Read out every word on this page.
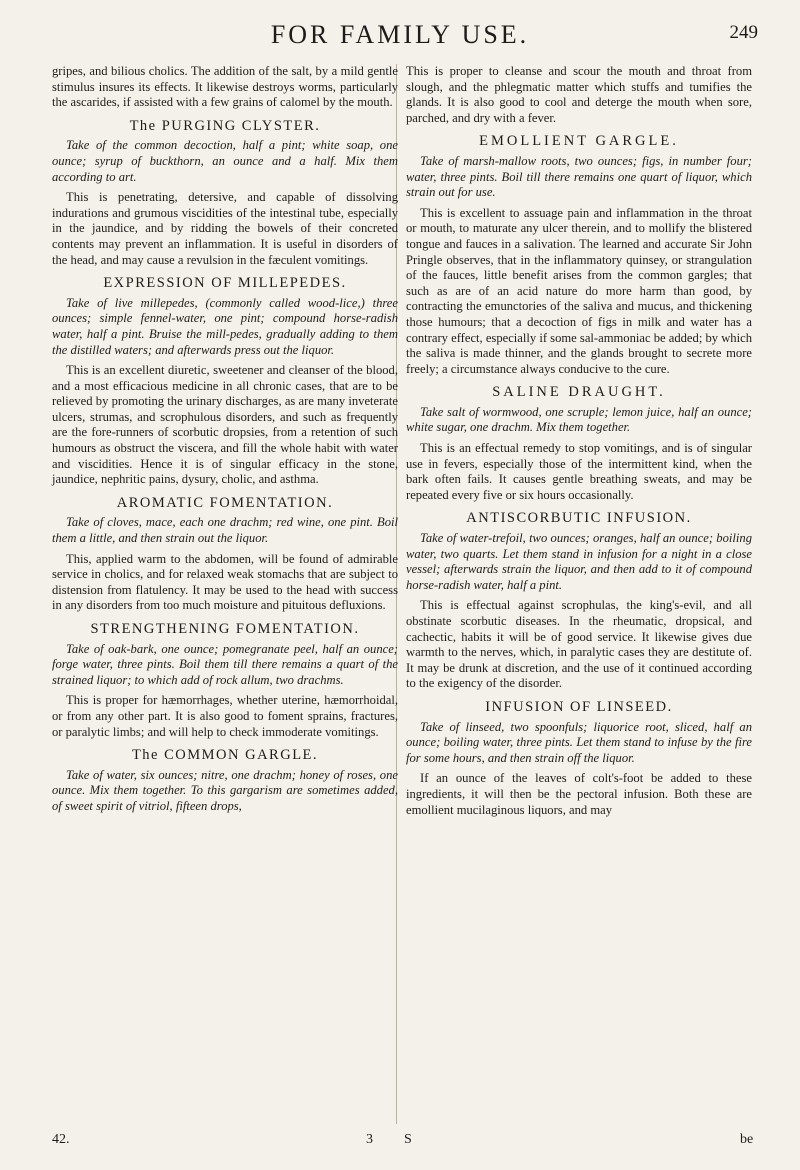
FOR FAMILY USE.	249

gripes, and bilious cholics. The addition of the salt, by a mild gentle stimulus insures its effects. It likewise destroys worms, particularly the ascarides, if assisted with a few grains of calomel by the mouth.

The PURGING CLYSTER.

Take of the common decoction, half a pint; white soap, one ounce; syrup of buckthorn, an ounce and a half. Mix them according to art.

This is penetrating, detersive, and capable of dissolving indurations and grumous viscidities of the intestinal tube, especially in the jaundice, and by ridding the bowels of their concreted contents may prevent an inflammation. It is useful in disorders of the head, and may cause a revulsion in the fæculent vomitings.

EXPRESSION OF MILLEPEDES.

Take of live millepedes, (commonly called wood-lice,) three ounces; simple fennel-water, one pint; compound horse-radish water, half a pint. Bruise the mill-pedes, gradually adding to them the distilled waters; and afterwards press out the liquor.

This is an excellent diuretic, sweetener and cleanser of the blood, and a most efficacious medicine in all chronic cases, that are to be relieved by promoting the urinary discharges, as are many inveterate ulcers, strumas, and scrophulous disorders, and such as frequently are the fore-runners of scorbutic dropsies, from a retention of such humours as obstruct the viscera, and fill the whole habit with water and viscidities. Hence it is of singular efficacy in the stone, jaundice, nephritic pains, dysury, cholic, and asthma.

AROMATIC FOMENTATION.

Take of cloves, mace, each one drachm; red wine, one pint. Boil them a little, and then strain out the liquor.

This, applied warm to the abdomen, will be found of admirable service in cholics, and for relaxed weak stomachs that are subject to distension from flatulency. It may be used to the head with success in any disorders from too much moisture and pituitous defluxions.

STRENGTHENING FOMENTATION.

Take of oak-bark, one ounce; pomegranate peel, half an ounce; forge water, three pints. Boil them till there remains a quart of the strained liquor; to which add of rock allum, two drachms.

This is proper for hæmorrhages, whether uterine, hæmorrhoidal, or from any other part. It is also good to foment sprains, fractures, or paralytic limbs; and will help to check immoderate vomitings.

The COMMON GARGLE.

Take of water, six ounces; nitre, one drachm; honey of roses, one ounce. Mix them together. To this gargarism are sometimes added, of sweet spirit of vitriol, fifteen drops,

This is proper to cleanse and scour the mouth and throat from slough, and the phlegmatic matter which stuffs and tumifies the glands. It is also good to cool and deterge the mouth when sore, parched, and dry with a fever.

EMOLLIENT GARGLE.

Take of marsh-mallow roots, two ounces; figs, in number four; water, three pints. Boil till there remains one quart of liquor, which strain out for use.

This is excellent to assuage pain and inflammation in the throat or mouth, to maturate any ulcer therein, and to mollify the blistered tongue and fauces in a salivation. The learned and accurate Sir John Pringle observes, that in the inflammatory quinsey, or strangulation of the fauces, little benefit arises from the common gargles; that such as are of an acid nature do more harm than good, by contracting the emunctories of the saliva and mucus, and thickening those humours; that a decoction of figs in milk and water has a contrary effect, especially if some sal-ammoniac be added; by which the saliva is made thinner, and the glands brought to secrete more freely; a circumstance always conducive to the cure.

SALINE DRAUGHT.

Take salt of wormwood, one scruple; lemon juice, half an ounce; white sugar, one drachm. Mix them together.

This is an effectual remedy to stop vomitings, and is of singular use in fevers, especially those of the intermittent kind, when the bark often fails. It causes gentle breathing sweats, and may be repeated every five or six hours occasionally.

ANTISCORBUTIC INFUSION.

Take of water-trefoil, two ounces; oranges, half an ounce; boiling water, two quarts. Let them stand in infusion for a night in a close vessel; afterwards strain the liquor, and then add to it of compound horse-radish water, half a pint.

This is effectual against scrophulas, the king's-evil, and all obstinate scorbutic diseases. In the rheumatic, dropsical, and cachectic, habits it will be of good service. It likewise gives due warmth to the nerves, which, in paralytic cases they are destitute of. It may be drunk at discretion, and the use of it continued according to the exigency of the disorder.

INFUSION OF LINSEED.

Take of linseed, two spoonfuls; liquorice root, sliced, half an ounce; boiling water, three pints. Let them stand to infuse by the fire for some hours, and then strain off the liquor.

If an ounce of the leaves of colt's-foot be added to these ingredients, it will then be the pectoral infusion. Both these are emollient mucilaginous liquors, and may

42.	3 S	be
